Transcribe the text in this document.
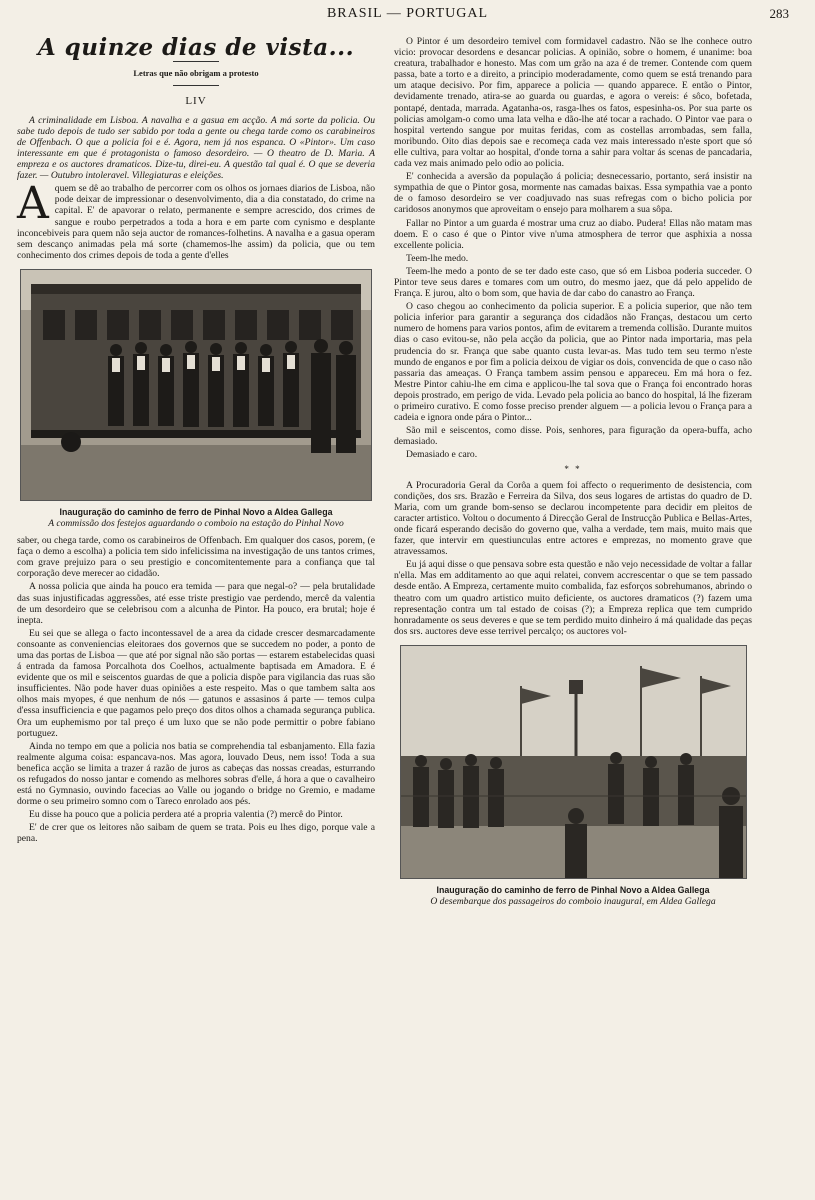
BRASIL — PORTUGAL	283
A quinze dias de vista...
Letras que não obrigam a protesto
LIV

A criminalidade em Lisboa. A navalha e a gasua em acção. A má sorte da policia. Ou sabe tudo depois de tudo ser sabido por toda a gente ou chega tarde como os carabineiros de Offenbach. O que a policia foi e é. Agora, nem já nos espanca. O «Pintor». Um caso interessante em que é protagonista o famoso desordeiro. — O theatro de D. Maria. A empreza e os auctores dramaticos. Dize-tu, direi-eu. A questão tal qual é. O que se deveria fazer. — Outubro intoleravel. Villegiaturas e eleições.

Aquem se dê ao trabalho de percorrer com os olhos os jornaes diarios de Lisboa, não pode deixar de impressionar o desenvolvimento, dia a dia constatado, do crime na capital. E' de apavorar o relato, permanente e sempre acrescido, dos crimes de sangue e roubo perpetrados a toda a hora e em parte com cynismo e desplante inconcebiveis para quem não seja auctor de romances-folhetins. A navalha e a gasua operam sem descanço animadas pela má sorte (chamemos-lhe assim) da policia, que ou tem conhecimento dos crimes depois de toda a gente d'elles

Inauguração do caminho de ferro de Pinhal Novo a Aldea Gallega
A commissão dos festejos aguardando o comboio na estação do Pinhal Novo

saber, ou chega tarde, como os carabineiros de Offenbach. Em qualquer dos casos, porem, (e faça o demo a escolha) a policia tem sido infelicissima na investigação de uns tantos crimes, com grave prejuizo para o seu prestigio e concomitentemente para a confiança que tal corporação deve merecer ao cidadão.

A nossa policia que ainda ha pouco era temida — para que negal-o? — pela brutalidade das suas injustificadas aggressões, até esse triste prestigio vae perdendo, mercê da valentia de um desordeiro que se celebrisou com a alcunha de Pintor. Ha pouco, era brutal; hoje é inepta.

Eu sei que se allega o facto incontessavel de a area da cidade crescer desmarcadamente consoante as conveniencias eleitoraes dos governos que se succedem no poder, a ponto de uma das portas de Lisboa — que até por signal não são portas — estarem estabelecidas quasi á entrada da famosa Porcalhota dos Coelhos, actualmente baptisada em Amadora. E é evidente que os mil e seiscentos guardas de que a policia dispõe para vigilancia das ruas são insufficientes. Não pode haver duas opiniões a este respeito. Mas o que tambem salta aos olhos mais myopes, é que nenhum de nós — gatunos e assasinos á parte — temos culpa d'essa insufficiencia e que pagamos pelo preço dos ditos olhos a chamada segurança publica. Ora um euphemismo por tal preço é um luxo que se não pode permittir o pobre fabiano portuguez.

Ainda no tempo em que a policia nos batia se comprehendia tal esbanjamento. Ella fazia realmente alguma coisa: espancava-nos. Mas agora, louvado Deus, nem isso! Toda a sua benefica acção se limita a trazer á razão de juros as cabeças das nossas creadas, esturrando os refugados do nosso jantar e comendo as melhores sobras d'elle, á hora a que o cavalheiro está no Gymnasio, ouvindo facecias ao Valle ou jogando o bridge no Gremio, e madame dorme o seu primeiro somno com o Tareco enrolado aos pés.

Eu disse ha pouco que a policia perdera até a propria valentia (?) mercê do Pintor.

E' de crer que os leitores não saibam de quem se trata. Pois eu lhes digo, porque vale a pena.

O Pintor é um desordeiro temivel com formidavel cadastro. Não se lhe conhece outro vicio: provocar desordens e desancar policias. A opinião, sobre o homem, é unanime: boa creatura, trabalhador e honesto. Mas com um grão na aza é de tremer. Contende com quem passa, bate a torto e a direito, a principio moderadamente, como quem se está trenando para um ataque decisivo. Por fim, apparece a policia — quando apparece. E então o Pintor, devidamente trenado, atira-se ao guarda ou guardas, e agora o vereis: é sôco, bofetada, pontapé, dentada, marrada. Agatanha-os, rasga-lhes os fatos, espesinha-os. Por sua parte os policias amolgam-o como uma lata velha e dão-lhe até tocar a rachado. O Pintor vae para o hospital vertendo sangue por muitas feridas, com as costellas arrombadas, sem falla, moribundo. Oito dias depois sae e recomeça cada vez mais interessado n'este sport que só elle cultiva, para voltar ao hospital, d'onde torna a sahir para voltar ás scenas de pancadaria, cada vez mais animado pelo odio ao policia.

E' conhecida a aversão da população á policia; desnecessario, portanto, será insistir na sympathia de que o Pintor gosa, mormente nas camadas baixas. Essa sympathia vae a ponto de o famoso desordeiro se ver coadjuvado nas suas refregas com o bicho policia por caridosos anonymos que aproveitam o ensejo para molharem a sua sôpa.

Fallar no Pintor a um guarda é mostrar uma cruz ao diabo. Pudera! Ellas não matam mas doem. E o caso é que o Pintor vive n'uma atmosphera de terror que asphixia a nossa excellente policia.

Teem-lhe medo.

Teem-lhe medo a ponto de se ter dado este caso, que só em Lisboa poderia succeder. O Pintor teve seus dares e tomares com um outro, do mesmo jaez, que dá pelo appelido de França. E jurou, alto o bom som, que havia de dar cabo do canastro ao França.

O caso chegou ao conhecimento da policia superior. E a policia superior, que não tem policia inferior para garantir a segurança dos cidadãos não Franças, destacou um certo numero de homens para varios pontos, afim de evitarem a tremenda collisão. Durante muitos dias o caso evitou-se, não pela acção da policia, que ao Pintor nada importaria, mas pela prudencia do sr. França que sabe quanto custa levar-as. Mas tudo tem seu termo n'este mundo de enganos e por fim a policia deixou de vigiar os dois, convencida de que o caso não passaria das ameaças. O França tambem assim pensou e appareceu. Em má hora o fez. Mestre Pintor cahiu-lhe em cima e applicou-lhe tal sova que o França foi encontrado horas depois prostrado, em perigo de vida. Levado pela policia ao banco do hospital, lá lhe fizeram o primeiro curativo. E como fosse preciso prender alguem — a policia levou o França para a cadeia e ignora onde pára o Pintor...

São mil e seiscentos, como disse. Pois, senhores, para figuração da opera-buffa, acho demasiado.

Demasiado e caro.

* *

A Procuradoria Geral da Corôa a quem foi affecto o requerimento de desistencia, com condições, dos srs. Brazão e Ferreira da Silva, dos seus logares de artistas do quadro de D. Maria, com um grande bom-senso se declarou incompetente para decidir em pleitos de caracter artistico. Voltou o documento á Direcção Geral de Instrucção Publica e Bellas-Artes, onde ficará esperando decisão do governo que, valha a verdade, tem mais, muito mais que fazer, que intervir em questiunculas entre actores e emprezas, no momento grave que atravessamos.

Eu já aqui disse o que pensava sobre esta questão e não vejo necessidade de voltar a fallar n'ella. Mas em additamento ao que aqui relatei, convem accrescentar o que se tem passado desde então. A Empreza, certamente muito combalida, faz esforços sobrehumanos, abrindo o theatro com um quadro artistico muito deficiente, os auctores dramaticos (?) fazem uma representação contra um tal estado de coisas (?); a Empreza replica que tem cumprido honradamente os seus deveres e que se tem perdido muito dinheiro á má qualidade das peças dos srs. auctores deve esse terrivel percalço; os auctores vol-

Inauguração do caminho de ferro de Pinhal Novo a Aldea Gallega
O desembarque dos passageiros do comboio inaugural, em Aldea Gallega
